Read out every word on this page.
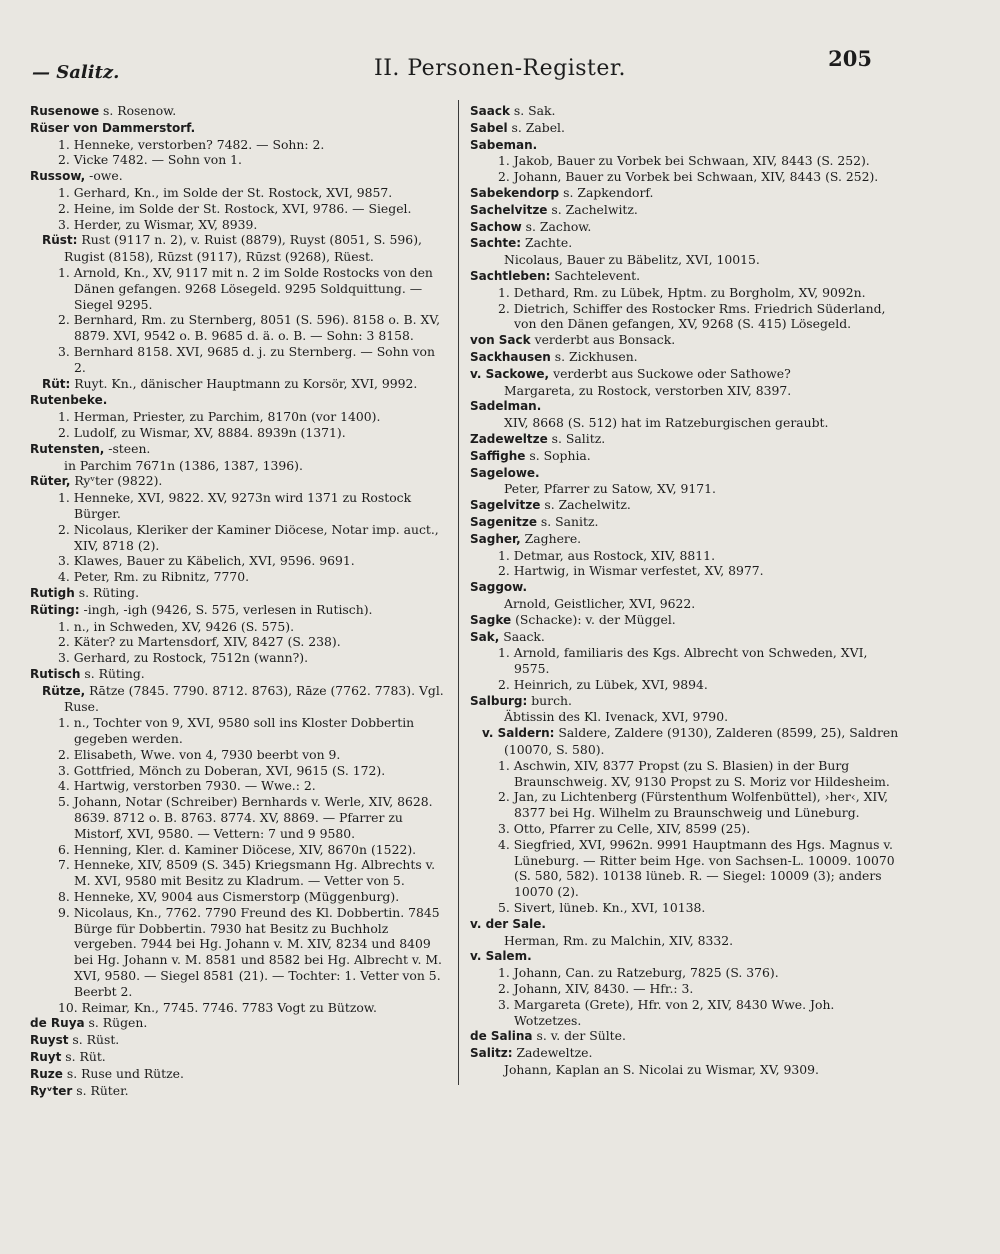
— Salitz.	II. Personen-Register.	205
Rusenowe s. Rosenow.
Rüser von Dammerstorf.
1. Henneke, verstorben? 7482. — Sohn: 2.
2. Vicke 7482. — Sohn von 1.
Russow, -owe.
1. Gerhard, Kn., im Solde der St. Rostock, XVI, 9857.
2. Heine, im Solde der St. Rostock, XVI, 9786. — Siegel.
3. Herder, zu Wismar, XV, 8939.
Rüst: Rust (9117 n. 2), v. Ruist (8879), Ruyst (8051, S. 596), Rugist (8158), Rūzst (9117), Rūzst (9268), Rüest.
1. Arnold, Kn., XV, 9117 mit n. 2 im Solde Rostocks von den Dänen gefangen. 9268 Lösegeld. 9295 Soldquittung. — Siegel 9295.
2. Bernhard, Rm. zu Sternberg, 8051 (S. 596). 8158 o. B. XV, 8879. XVI, 9542 o. B. 9685 d. ä. o. B. — Sohn: 3 8158.
3. Bernhard 8158. XVI, 9685 d. j. zu Sternberg. — Sohn von 2.
Rüt: Ruyt. Kn., dänischer Hauptmann zu Korsör, XVI, 9992.
Rutenbeke.
1. Herman, Priester, zu Parchim, 8170n (vor 1400).
2. Ludolf, zu Wismar, XV, 8884. 8939n (1371).
Rutensten, -steen.
in Parchim 7671n (1386, 1387, 1396).
Rüter, Ryᵛter (9822).
1. Henneke, XVI, 9822. XV, 9273n wird 1371 zu Rostock Bürger.
2. Nicolaus, Kleriker der Kaminer Diöcese, Notar imp. auct., XIV, 8718 (2).
3. Klawes, Bauer zu Käbelich, XVI, 9596. 9691.
4. Peter, Rm. zu Ribnitz, 7770.
Rutigh s. Rüting.
Rüting: -ingh, -igh (9426, S. 575, verlesen in Rutisch).
1. n., in Schweden, XV, 9426 (S. 575).
2. Käter? zu Martensdorf, XIV, 8427 (S. 238).
3. Gerhard, zu Rostock, 7512n (wann?).
Rutisch s. Rüting.
Rütze, Rātze (7845. 7790. 8712. 8763), Rāze (7762. 7783). Vgl. Ruse.
1. n., Tochter von 9, XVI, 9580 soll ins Kloster Dobbertin gegeben werden.
2. Elisabeth, Wwe. von 4, 7930 beerbt von 9.
3. Gottfried, Mönch zu Doberan, XVI, 9615 (S. 172).
4. Hartwig, verstorben 7930. — Wwe.: 2.
5. Johann, Notar (Schreiber) Bernhards v. Werle, XIV, 8628. 8639. 8712 o. B. 8763. 8774. XV, 8869. — Pfarrer zu Mistorf, XVI, 9580. — Vettern: 7 und 9 9580.
6. Henning, Kler. d. Kaminer Diöcese, XIV, 8670n (1522).
7. Henneke, XIV, 8509 (S. 345) Kriegsmann Hg. Albrechts v. M. XVI, 9580 mit Besitz zu Kladrum. — Vetter von 5.
8. Henneke, XV, 9004 aus Cismerstorp (Müggenburg).
9. Nicolaus, Kn., 7762. 7790 Freund des Kl. Dobbertin. 7845 Bürge für Dobbertin. 7930 hat Besitz zu Buchholz vergeben. 7944 bei Hg. Johann v. M. XIV, 8234 und 8409 bei Hg. Johann v. M. 8581 und 8582 bei Hg. Albrecht v. M. XVI, 9580. — Siegel 8581 (21). — Tochter: 1. Vetter von 5. Beerbt 2.
10. Reimar, Kn., 7745. 7746. 7783 Vogt zu Bützow.
de Ruya s. Rügen.
Ruyst s. Rüst.
Ruyt s. Rüt.
Ruze s. Ruse und Rütze.
Ryᵛter s. Rüter.
Saack s. Sak.
Sabel s. Zabel.
Sabeman.
1. Jakob, Bauer zu Vorbek bei Schwaan, XIV, 8443 (S. 252).
2. Johann, Bauer zu Vorbek bei Schwaan, XIV, 8443 (S. 252).
Sabekendorp s. Zapkendorf.
Sachelvitze s. Zachelwitz.
Sachow s. Zachow.
Sachte: Zachte.
Nicolaus, Bauer zu Bäbelitz, XVI, 10015.
Sachtleben: Sachtelevent.
1. Dethard, Rm. zu Lübek, Hptm. zu Borgholm, XV, 9092n.
2. Dietrich, Schiffer des Rostocker Rms. Friedrich Süderland, von den Dänen gefangen, XV, 9268 (S. 415) Lösegeld.
von Sack verderbt aus Bonsack.
Sackhausen s. Zickhusen.
v. Sackowe, verderbt aus Suckowe oder Sathowe?
Margareta, zu Rostock, verstorben XIV, 8397.
Sadelman.
XIV, 8668 (S. 512) hat im Ratzeburgischen geraubt.
Zadeweltze s. Salitz.
Saffighe s. Sophia.
Sagelowe.
Peter, Pfarrer zu Satow, XV, 9171.
Sagelvitze s. Zachelwitz.
Sagenitze s. Sanitz.
Sagher, Zaghere.
1. Detmar, aus Rostock, XIV, 8811.
2. Hartwig, in Wismar verfestet, XV, 8977.
Saggow.
Arnold, Geistlicher, XVI, 9622.
Sagke (Schacke): v. der Müggel.
Sak, Saack.
1. Arnold, familiaris des Kgs. Albrecht von Schweden, XVI, 9575.
2. Heinrich, zu Lübek, XVI, 9894.
Salburg: burch.
Äbtissin des Kl. Ivenack, XVI, 9790.
v. Saldern: Saldere, Zaldere (9130), Zalderen (8599, 25), Saldren (10070, S. 580).
1. Aschwin, XIV, 8377 Propst (zu S. Blasien) in der Burg Braunschweig. XV, 9130 Propst zu S. Moriz vor Hildesheim.
2. Jan, zu Lichtenberg (Fürstenthum Wolfenbüttel), ›her‹, XIV, 8377 bei Hg. Wilhelm zu Braunschweig und Lüneburg.
3. Otto, Pfarrer zu Celle, XIV, 8599 (25).
4. Siegfried, XVI, 9962n. 9991 Hauptmann des Hgs. Magnus v. Lüneburg. — Ritter beim Hge. von Sachsen-L. 10009. 10070 (S. 580, 582). 10138 lüneb. R. — Siegel: 10009 (3); anders 10070 (2).
5. Sivert, lüneb. Kn., XVI, 10138.
v. der Sale.
Herman, Rm. zu Malchin, XIV, 8332.
v. Salem.
1. Johann, Can. zu Ratzeburg, 7825 (S. 376).
2. Johann, XIV, 8430. — Hfr.: 3.
3. Margareta (Grete), Hfr. von 2, XIV, 8430 Wwe. Joh. Wotzetzes.
de Salina s. v. der Sülte.
Salitz: Zadeweltze.
Johann, Kaplan an S. Nicolai zu Wismar, XV, 9309.
